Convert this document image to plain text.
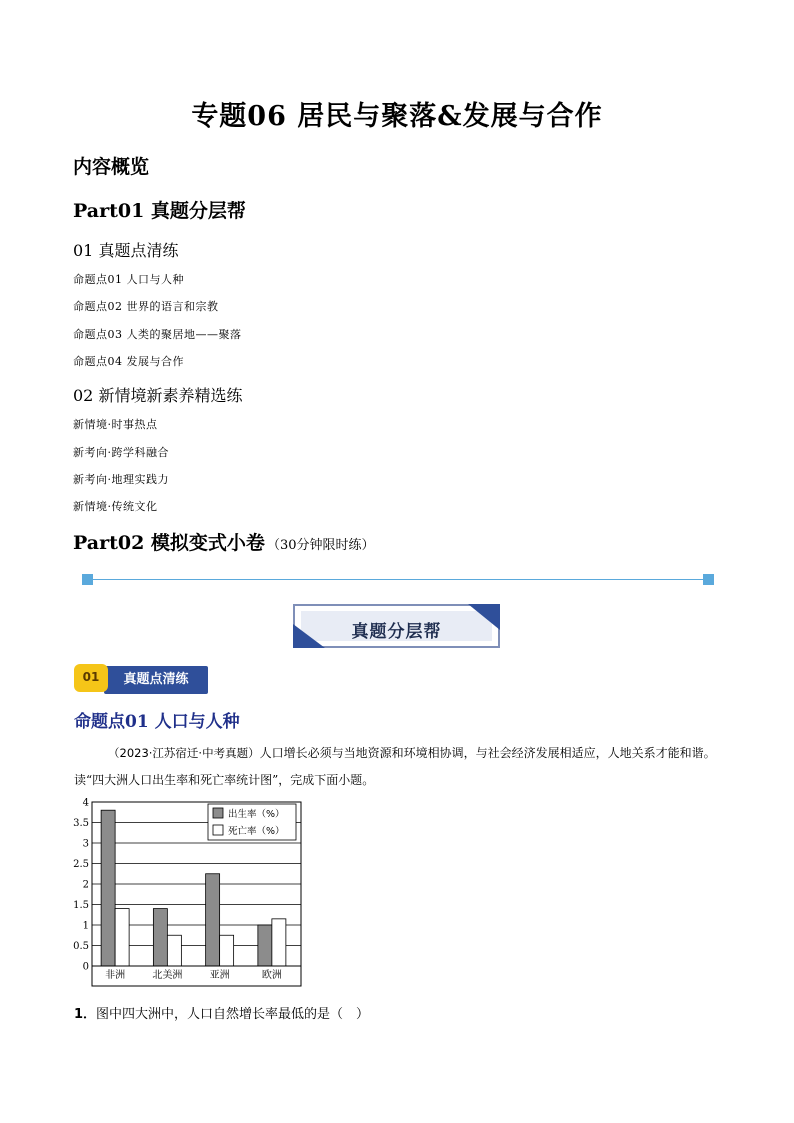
专题06 居民与聚落&发展与合作
内容概览
Part01 真题分层帮
01 真题点清练
命题点01 人口与人种
命题点02 世界的语言和宗教
命题点03 人类的聚居地——聚落
命题点04 发展与合作
02 新情境新素养精选练
新情境·时事热点
新考向·跨学科融合
新考向·地理实践力
新情境·传统文化
Part02 模拟变式小卷 （30分钟限时练）
真题分层帮
真题点清练
01
命题点01 人口与人种
（2023·江苏宿迁·中考真题）人口增长必须与当地资源和环境相协调，与社会经济发展相适应，人地关系才能和谐。读“四大洲人口出生率和死亡率统计图”，完成下面小题。
0
0.5
1
1.5
2
2.5
3
3.5
4
非洲	北美洲	亚洲	欧洲
出生率（%）
死亡率（%）
1．图中四大洲中，人口自然增长率最低的是（　）
